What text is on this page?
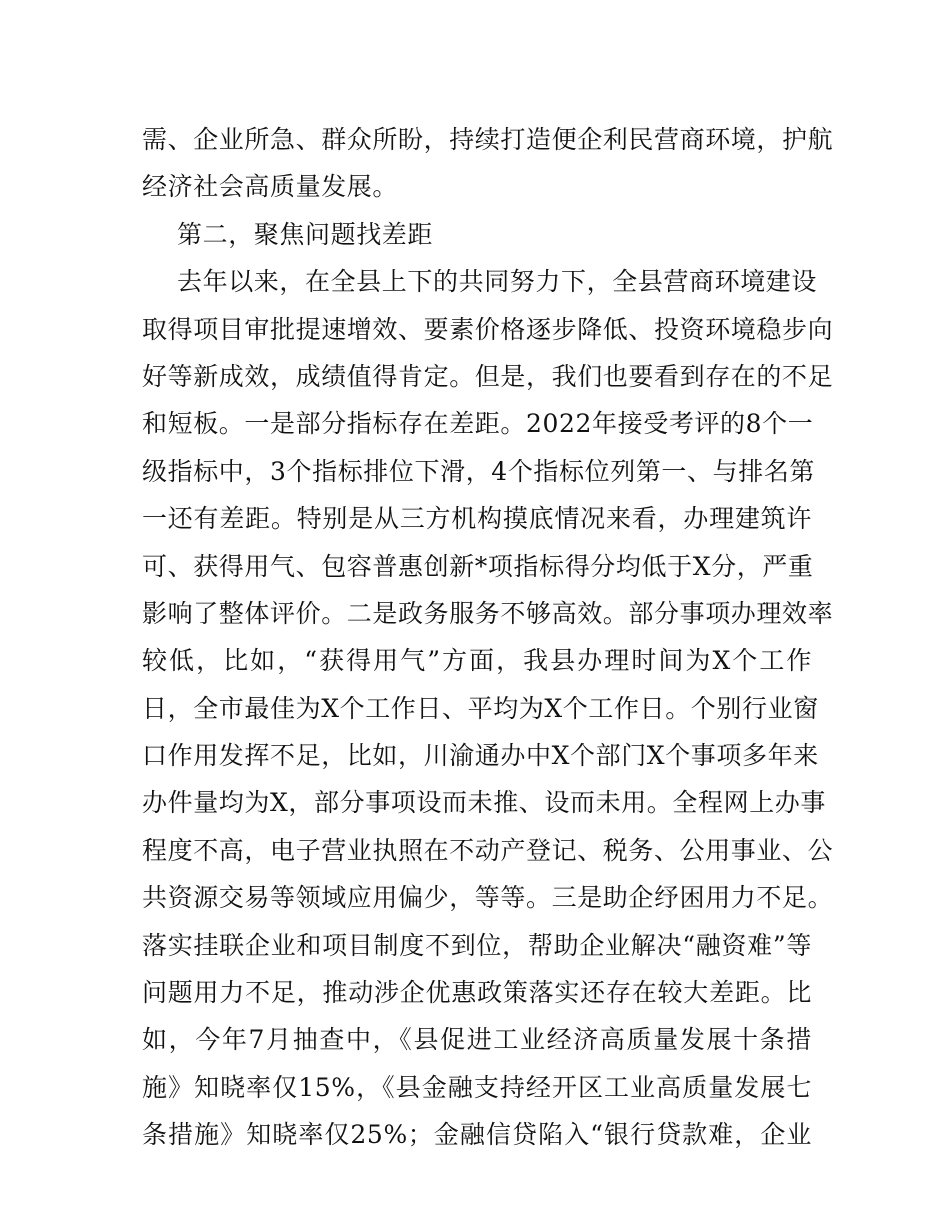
需、企业所急、群众所盼，持续打造便企利民营商环境，护航
经济社会高质量发展。
第二，聚焦问题找差距
去年以来，在全县上下的共同努力下，全县营商环境建设
取得项目审批提速增效、要素价格逐步降低、投资环境稳步向
好等新成效，成绩值得肯定。但是，我们也要看到存在的不足
和短板。一是部分指标存在差距。2022年接受考评的8个一
级指标中，3个指标排位下滑，4个指标位列第一、与排名第
一还有差距。特别是从三方机构摸底情况来看，办理建筑许
可、获得用气、包容普惠创新*项指标得分均低于X分，严重
影响了整体评价。二是政务服务不够高效。部分事项办理效率
较低，比如，“获得用气”方面，我县办理时间为X个工作
日，全市最佳为X个工作日、平均为X个工作日。个别行业窗
口作用发挥不足，比如，川渝通办中X个部门X个事项多年来
办件量均为X，部分事项设而未推、设而未用。全程网上办事
程度不高，电子营业执照在不动产登记、税务、公用事业、公
共资源交易等领域应用偏少，等等。三是助企纾困用力不足。
落实挂联企业和项目制度不到位，帮助企业解决“融资难”等
问题用力不足，推动涉企优惠政策落实还存在较大差距。比
如，今年7月抽查中，《县促进工业经济高质量发展十条措
施》知晓率仅15%，《县金融支持经开区工业高质量发展七
条措施》知晓率仅25%；金融信贷陷入“银行贷款难，企业
